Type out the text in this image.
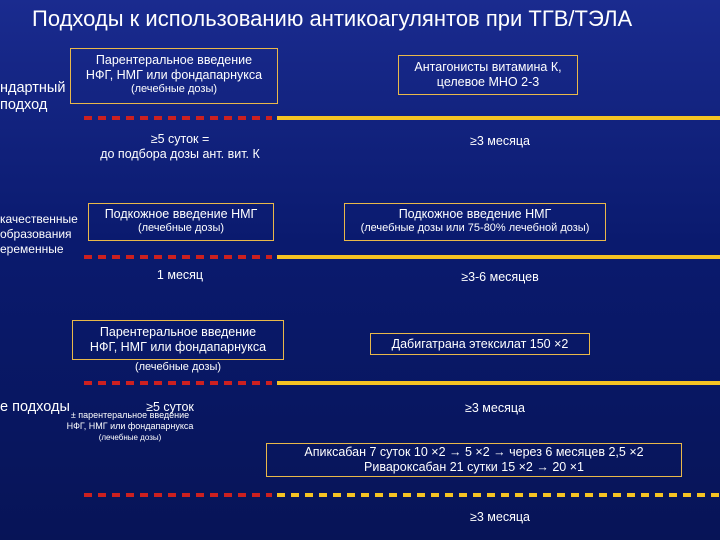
Подходы к использованию антикоагулянтов при ТГВ/ТЭЛА
ндартный
подход
Парентеральное введение
НФГ, НМГ или фондапарнукса
(лечебные дозы)
Антагонисты витамина К,
целевое МНО 2-3
≥5 суток =
до подбора дозы ант. вит. К
≥3 месяца
качественные
образования
еременные
Подкожное введение НМГ
(лечебные дозы)
Подкожное введение НМГ
(лечебные дозы или 75-80% лечебной дозы)
1 месяц	≥3-6 месяцев
Парентеральное введение
НФГ, НМГ или фондапарнукса
(лечебные дозы)
Дабигатрана этексилат 150 ×2
е подходы	≥5 суток	≥3 месяца
± парентеральное введение
НФГ, НМГ или фондапарнукса
(лечебные дозы)
Апиксабан 7 суток 10 ×2 → 5 ×2 → через 6 месяцев 2,5 ×2
Ривароксабан 21 сутки 15 ×2 → 20 ×1
≥3 месяца
